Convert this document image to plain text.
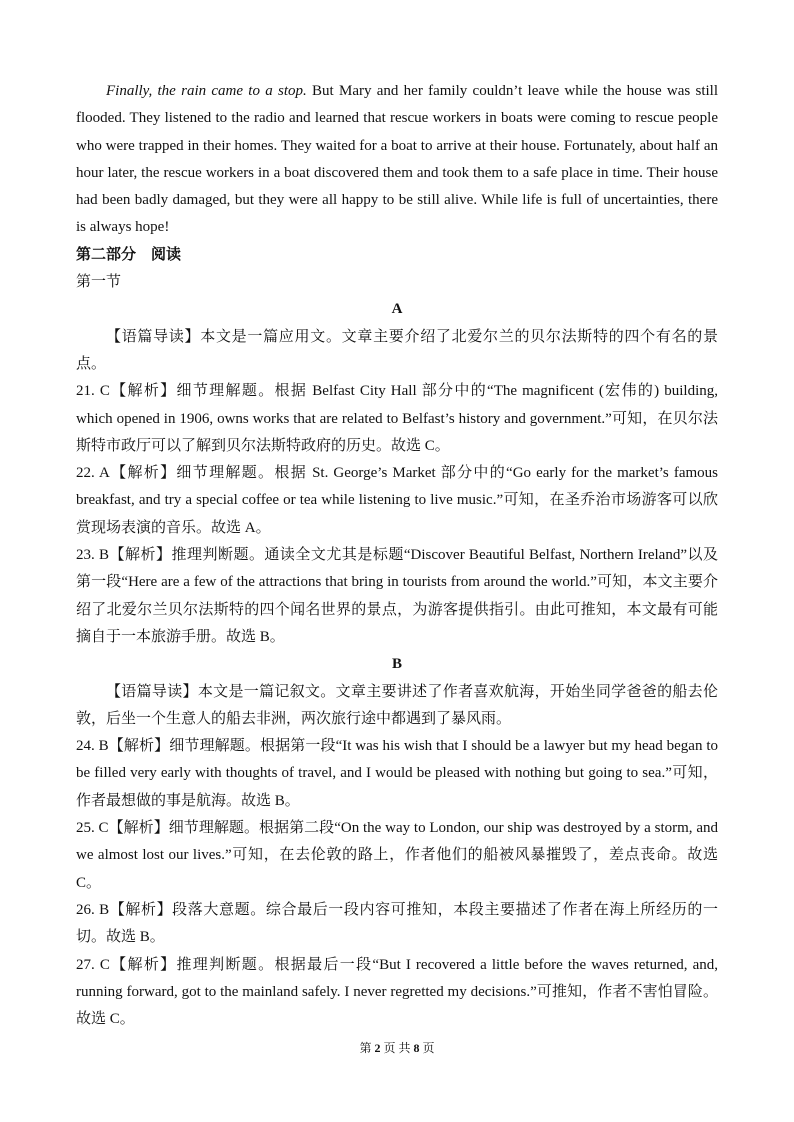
Finally, the rain came to a stop. But Mary and her family couldn’t leave while the house was still flooded. They listened to the radio and learned that rescue workers in boats were coming to rescue people who were trapped in their homes. They waited for a boat to arrive at their house. Fortunately, about half an hour later, the rescue workers in a boat discovered them and took them to a safe place in time. Their house had been badly damaged, but they were all happy to be still alive. While life is full of uncertainties, there is always hope!

第二部分　阅读

第一节

A

【语篇导读】本文是一篇应用文。文章主要介绍了北爱尔兰的贝尔法斯特的四个有名的景点。

21. C【解析】细节理解题。根据 Belfast City Hall 部分中的“The magnificent (宏伟的) building, which opened in 1906, owns works that are related to Belfast’s history and government.”可知，在贝尔法斯特市政厅可以了解到贝尔法斯特政府的历史。故选 C。

22. A【解析】细节理解题。根据 St. George’s Market 部分中的“Go early for the market’s famous breakfast, and try a special coffee or tea while listening to live music.”可知，在圣乔治市场游客可以欣赏现场表演的音乐。故选 A。

23. B【解析】推理判断题。通读全文尤其是标题“Discover Beautiful Belfast, Northern Ireland”以及第一段“Here are a few of the attractions that bring in tourists from around the world.”可知，本文主要介绍了北爱尔兰贝尔法斯特的四个闻名世界的景点，为游客提供指引。由此可推知，本文最有可能摘自于一本旅游手册。故选 B。

B

【语篇导读】本文是一篇记叙文。文章主要讲述了作者喜欢航海，开始坐同学爸爸的船去伦敦，后坐一个生意人的船去非洲，两次旅行途中都遇到了暴风雨。

24. B【解析】细节理解题。根据第一段“It was his wish that I should be a lawyer but my head began to be filled very early with thoughts of travel, and I would be pleased with nothing but going to sea.”可知，作者最想做的事是航海。故选 B。

25. C【解析】细节理解题。根据第二段“On the way to London, our ship was destroyed by a storm, and we almost lost our lives.”可知，在去伦敦的路上，作者他们的船被风暴摧毁了，差点丧命。故选 C。

26. B【解析】段落大意题。综合最后一段内容可推知，本段主要描述了作者在海上所经历的一切。故选 B。

27. C【解析】推理判断题。根据最后一段“But I recovered a little before the waves returned, and, running forward, got to the mainland safely. I never regretted my decisions.”可推知，作者不害怕冒险。故选 C。

第 2 页 共 8 页
